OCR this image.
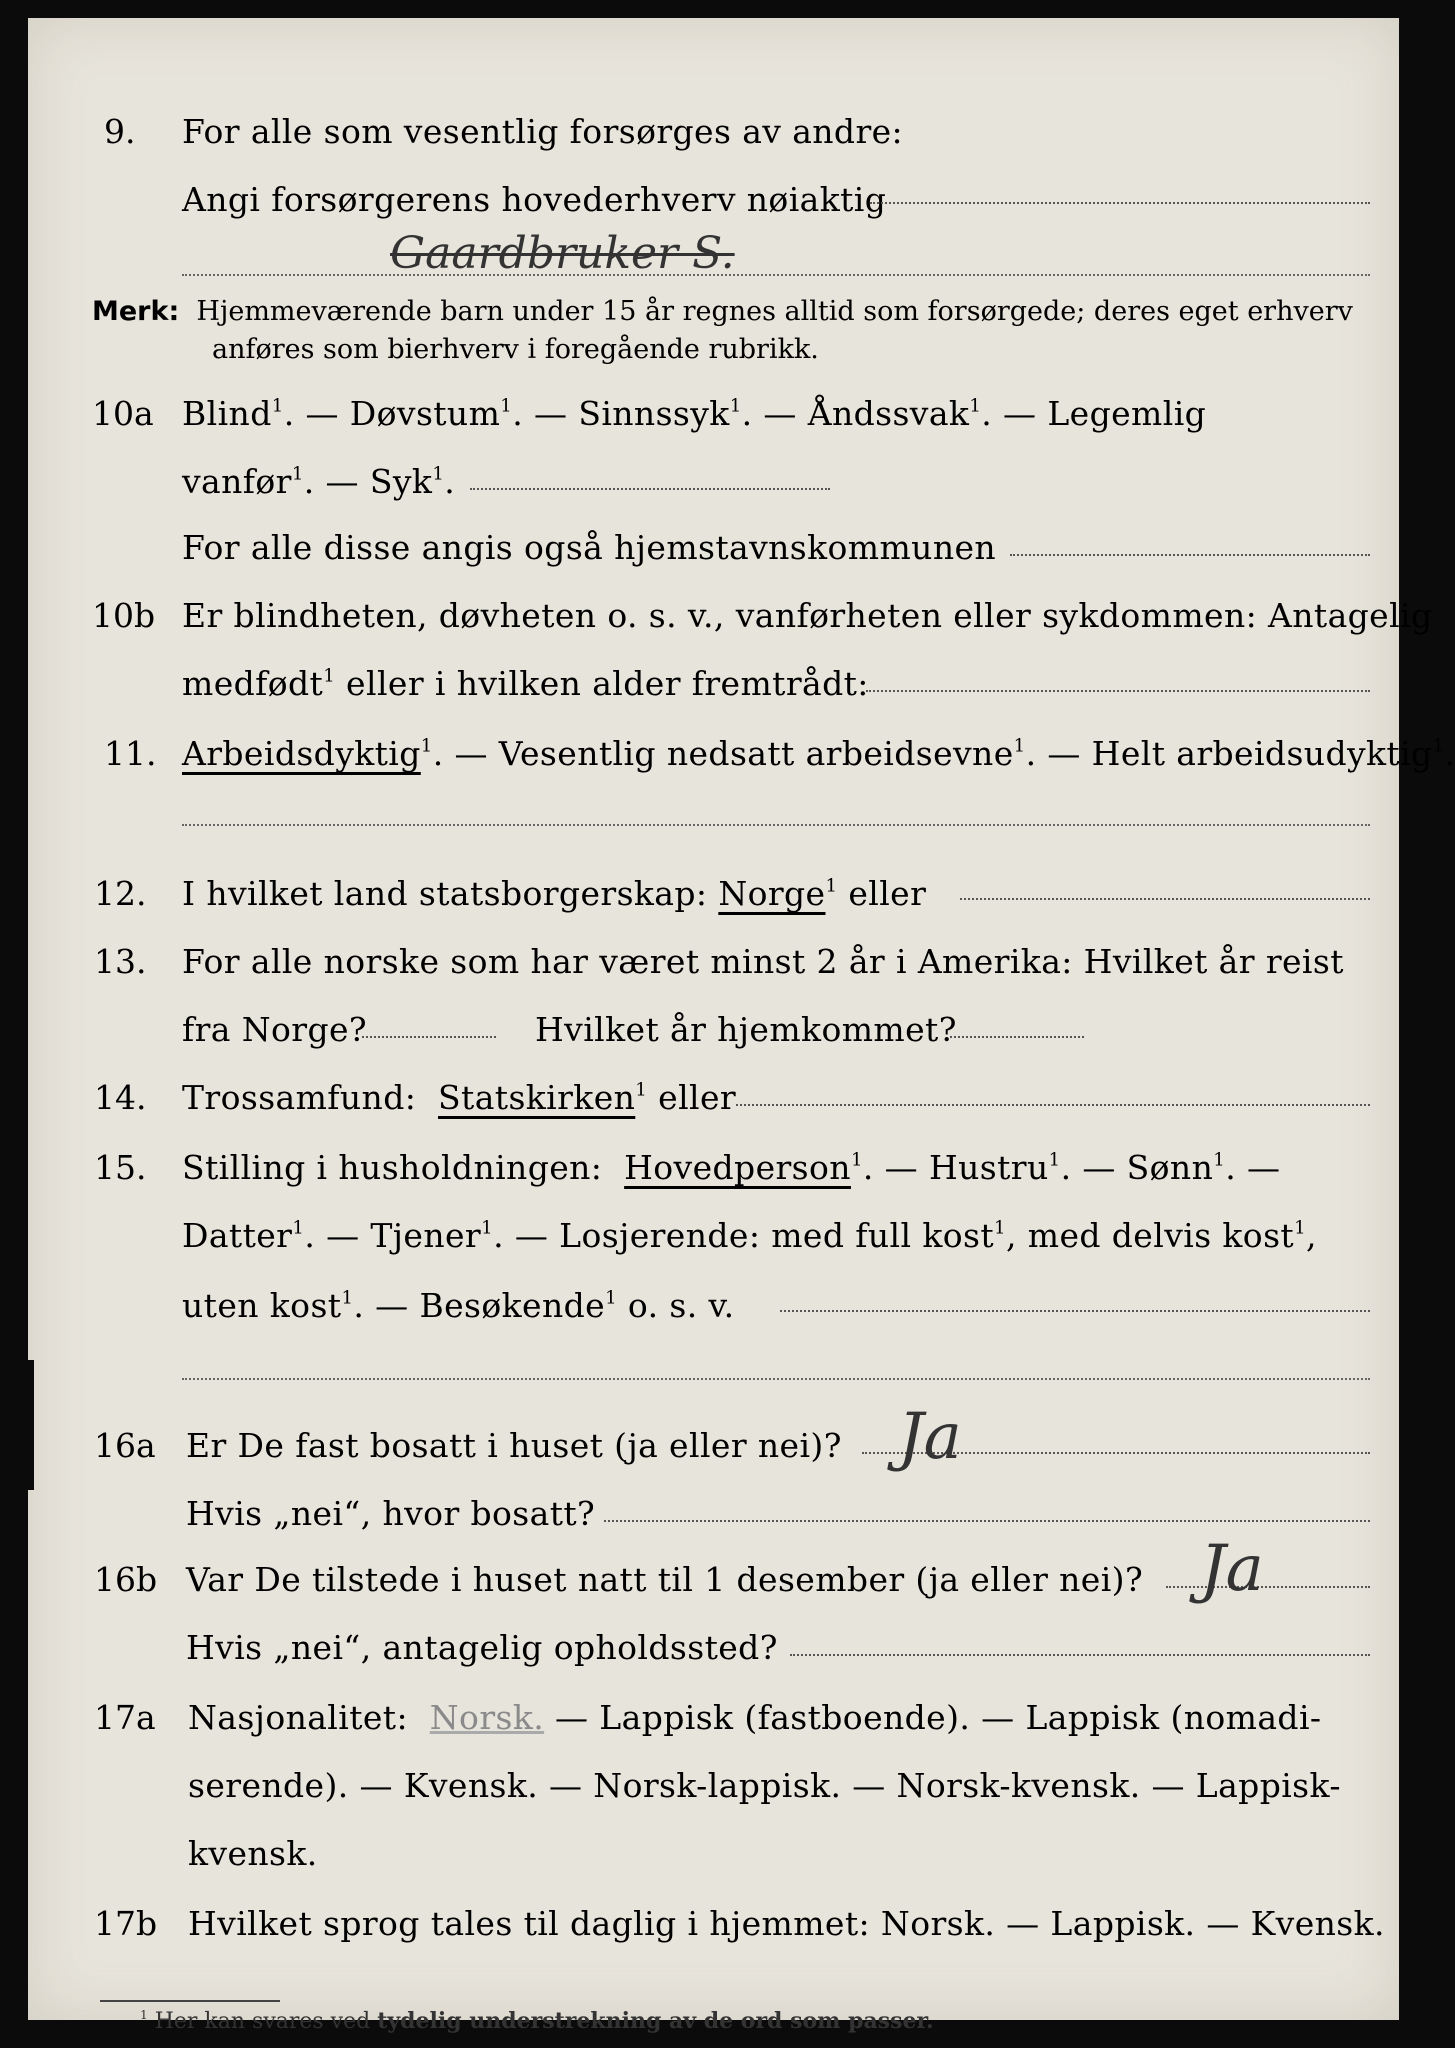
9. For alle som vesentlig forsørges av andre:
Angi forsørgerens hovederhverv nøiaktig
Gaardbruker S.
Merk: Hjemmeværende barn under 15 år regnes alltid som forsørgede; deres eget erhverv
anføres som bierhverv i foregående rubrikk.
10a Blind$^1$. — Døvstum$^1$. — Sinnssyk$^1$. — Åndssvak$^1$. — Legemlig
vanfør$^1$. — Syk$^1$.
For alle disse angis også hjemstavnskommunen
10b Er blindheten, døvheten o. s. v., vanførheten eller sykdommen: Antagelig
medfødt$^1$ eller i hvilken alder fremtrådt:
11. Arbeidsdyktig$^1$. — Vesentlig nedsatt arbeidsevne$^1$. — Helt arbeidsudyktig$^1$.
12. I hvilket land statsborgerskap: Norge$^1$ eller
13. For alle norske som har været minst 2 år i Amerika: Hvilket år reist
fra Norge?	Hvilket år hjemkommet?
14. Trossamfund: Statskirken$^1$ eller
15. Stilling i husholdningen: Hovedperson$^1$. — Hustru$^1$. — Sønn$^1$. —
Datter$^1$. — Tjener$^1$. — Losjerende: med full kost$^1$, med delvis kost$^1$,
uten kost$^1$. — Besøkende$^1$ o. s. v.
16a Er De fast bosatt i huset (ja eller nei)? Ja
Hvis „nei“, hvor bosatt?
16b Var De tilstede i huset natt til 1 desember (ja eller nei)? Ja
Hvis „nei“, antagelig opholdssted?
17a Nasjonalitet: Norsk. — Lappisk (fastboende). — Lappisk (nomadi-
serende). — Kvensk. — Norsk-lappisk. — Norsk-kvensk. — Lappisk-
kvensk.
17b Hvilket sprog tales til daglig i hjemmet: Norsk. — Lappisk. — Kvensk.
$^1$ Her kan svares ved tydelig understrekning av de ord som passer.
